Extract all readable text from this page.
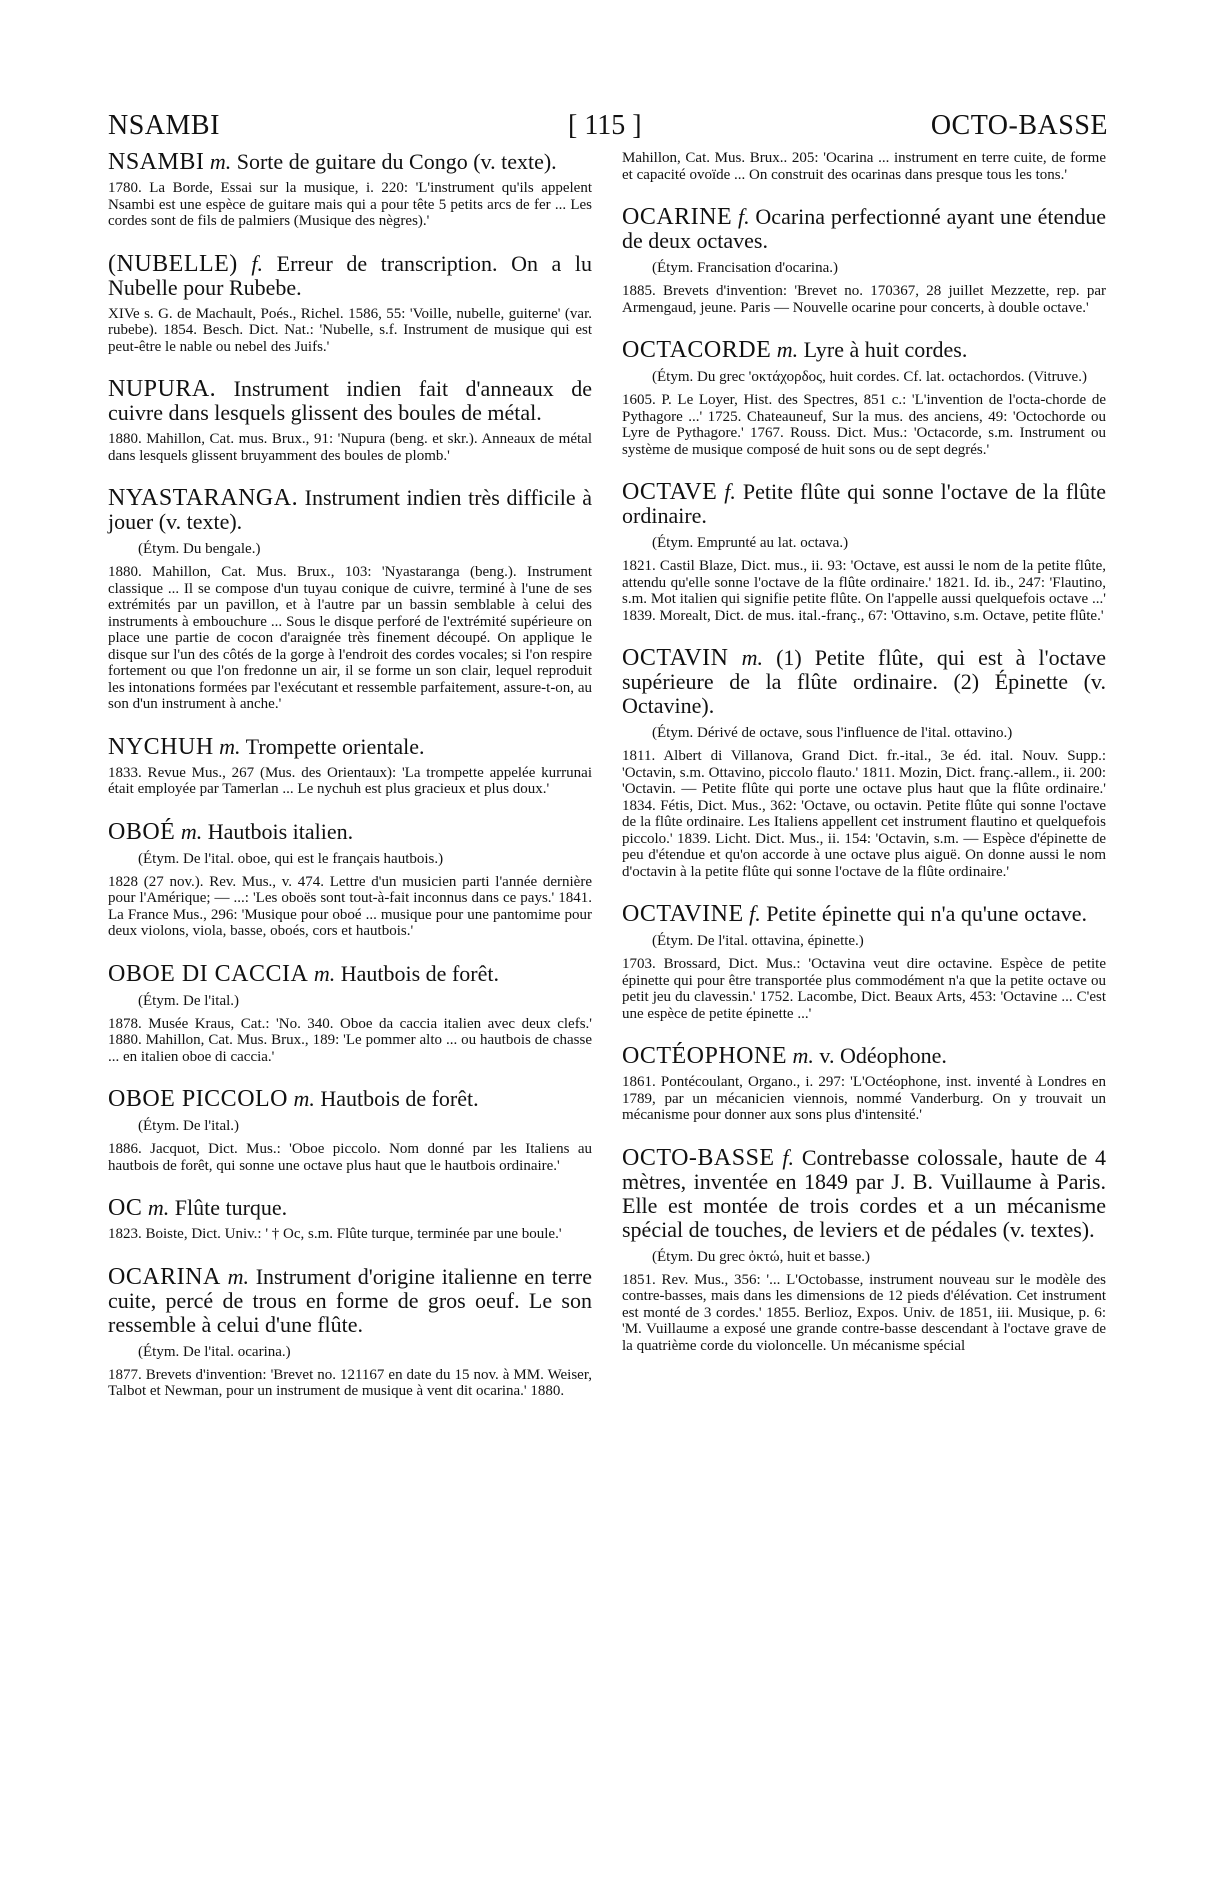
NSAMBI	[ 115 ]	OCTO-BASSE

NSAMBI m. Sorte de guitare du Congo (v. texte).

1780. La Borde, Essai sur la musique, i. 220: 'L'instrument qu'ils appelent Nsambi est une espèce de guitare mais qui a pour tête 5 petits arcs de fer ... Les cordes sont de fils de palmiers (Musique des nègres).'

(NUBELLE) f. Erreur de transcription. On a lu Nubelle pour Rubebe.

XIVe s. G. de Machault, Poés., Richel. 1586, 55: 'Voille, nubelle, guiterne' (var. rubebe). 1854. Besch. Dict. Nat.: 'Nubelle, s.f. Instrument de musique qui est peut-être le nable ou nebel des Juifs.'

NUPURA. Instrument indien fait d'anneaux de cuivre dans lesquels glissent des boules de métal.

1880. Mahillon, Cat. mus. Brux., 91: 'Nupura (beng. et skr.). Anneaux de métal dans lesquels glissent bruyamment des boules de plomb.'

NYASTARANGA. Instrument indien très difficile à jouer (v. texte).

(Étym. Du bengale.)

1880. Mahillon, Cat. Mus. Brux., 103: 'Nyastaranga (beng.). Instrument classique ... Il se compose d'un tuyau conique de cuivre, terminé à l'une de ses extrémités par un pavillon, et à l'autre par un bassin semblable à celui des instruments à embouchure ... Sous le disque perforé de l'extrémité supérieure on place une partie de cocon d'araignée très finement découpé. On applique le disque sur l'un des côtés de la gorge à l'endroit des cordes vocales; si l'on respire fortement ou que l'on fredonne un air, il se forme un son clair, lequel reproduit les intonations formées par l'exécutant et ressemble parfaitement, assure-t-on, au son d'un instrument à anche.'

NYCHUH m. Trompette orientale.

1833. Revue Mus., 267 (Mus. des Orientaux): 'La trompette appelée kurrunai était employée par Tamerlan ... Le nychuh est plus gracieux et plus doux.'

OBOÉ m. Hautbois italien.

(Étym. De l'ital. oboe, qui est le français hautbois.)

1828 (27 nov.). Rev. Mus., v. 474. Lettre d'un musicien parti l'année dernière pour l'Amérique; — ...: 'Les oboës sont tout-à-fait inconnus dans ce pays.' 1841. La France Mus., 296: 'Musique pour oboé ... musique pour une pantomime pour deux violons, viola, basse, oboés, cors et hautbois.'

OBOE DI CACCIA m. Hautbois de forêt.

(Étym. De l'ital.)

1878. Musée Kraus, Cat.: 'No. 340. Oboe da caccia italien avec deux clefs.' 1880. Mahillon, Cat. Mus. Brux., 189: 'Le pommer alto ... ou hautbois de chasse ... en italien oboe di caccia.'

OBOE PICCOLO m. Hautbois de forêt.

(Étym. De l'ital.)

1886. Jacquot, Dict. Mus.: 'Oboe piccolo. Nom donné par les Italiens au hautbois de forêt, qui sonne une octave plus haut que le hautbois ordinaire.'

OC m. Flûte turque.

1823. Boiste, Dict. Univ.: ' † Oc, s.m. Flûte turque, terminée par une boule.'

OCARINA m. Instrument d'origine italienne en terre cuite, percé de trous en forme de gros oeuf. Le son ressemble à celui d'une flûte.

(Étym. De l'ital. ocarina.)

1877. Brevets d'invention: 'Brevet no. 121167 en date du 15 nov. à MM. Weiser, Talbot et Newman, pour un instrument de musique à vent dit ocarina.' 1880.

Mahillon, Cat. Mus. Brux.. 205: 'Ocarina ... instrument en terre cuite, de forme et capacité ovoïde ... On construit des ocarinas dans presque tous les tons.'

OCARINE f. Ocarina perfectionné ayant une étendue de deux octaves.

(Étym. Francisation d'ocarina.)

1885. Brevets d'invention: 'Brevet no. 170367, 28 juillet Mezzette, rep. par Armengaud, jeune. Paris — Nouvelle ocarine pour concerts, à double octave.'

OCTACORDE m. Lyre à huit cordes.

(Étym. Du grec 'οκτάχορδος, huit cordes. Cf. lat. octachordos. (Vitruve.)

1605. P. Le Loyer, Hist. des Spectres, 851 c.: 'L'invention de l'octa-chorde de Pythagore ...' 1725. Chateauneuf, Sur la mus. des anciens, 49: 'Octochorde ou Lyre de Pythagore.' 1767. Rouss. Dict. Mus.: 'Octacorde, s.m. Instrument ou système de musique composé de huit sons ou de sept degrés.'

OCTAVE f. Petite flûte qui sonne l'octave de la flûte ordinaire.

(Étym. Emprunté au lat. octava.)

1821. Castil Blaze, Dict. mus., ii. 93: 'Octave, est aussi le nom de la petite flûte, attendu qu'elle sonne l'octave de la flûte ordinaire.' 1821. Id. ib., 247: 'Flautino, s.m. Mot italien qui signifie petite flûte. On l'appelle aussi quelquefois octave ...' 1839. Morealt, Dict. de mus. ital.-franç., 67: 'Ottavino, s.m. Octave, petite flûte.'

OCTAVIN m. (1) Petite flûte, qui est à l'octave supérieure de la flûte ordinaire. (2) Épinette (v. Octavine).

(Étym. Dérivé de octave, sous l'influence de l'ital. ottavino.)

1811. Albert di Villanova, Grand Dict. fr.-ital., 3e éd. ital. Nouv. Supp.: 'Octavin, s.m. Ottavino, piccolo flauto.' 1811. Mozin, Dict. franç.-allem., ii. 200: 'Octavin. — Petite flûte qui porte une octave plus haut que la flûte ordinaire.' 1834. Fétis, Dict. Mus., 362: 'Octave, ou octavin. Petite flûte qui sonne l'octave de la flûte ordinaire. Les Italiens appellent cet instrument flautino et quelquefois piccolo.' 1839. Licht. Dict. Mus., ii. 154: 'Octavin, s.m. — Espèce d'épinette de peu d'étendue et qu'on accorde à une octave plus aiguë. On donne aussi le nom d'octavin à la petite flûte qui sonne l'octave de la flûte ordinaire.'

OCTAVINE f. Petite épinette qui n'a qu'une octave.

(Étym. De l'ital. ottavina, épinette.)

1703. Brossard, Dict. Mus.: 'Octavina veut dire octavine. Espèce de petite épinette qui pour être transportée plus commodément n'a que la petite octave ou petit jeu du clavessin.' 1752. Lacombe, Dict. Beaux Arts, 453: 'Octavine ... C'est une espèce de petite épinette ...'

OCTÉOPHONE m. v. Odéophone.

1861. Pontécoulant, Organo., i. 297: 'L'Octéophone, inst. inventé à Londres en 1789, par un mécanicien viennois, nommé Vanderburg. On y trouvait un mécanisme pour donner aux sons plus d'intensité.'

OCTO-BASSE f. Contrebasse colossale, haute de 4 mètres, inventée en 1849 par J. B. Vuillaume à Paris. Elle est montée de trois cordes et a un mécanisme spécial de touches, de leviers et de pédales (v. textes).

(Étym. Du grec ὀκτώ, huit et basse.)

1851. Rev. Mus., 356: '... L'Octobasse, instrument nouveau sur le modèle des contre-basses, mais dans les dimensions de 12 pieds d'élévation. Cet instrument est monté de 3 cordes.' 1855. Berlioz, Expos. Univ. de 1851, iii. Musique, p. 6: 'M. Vuillaume a exposé une grande contre-basse descendant à l'octave grave de la quatrième corde du violoncelle. Un mécanisme spécial
